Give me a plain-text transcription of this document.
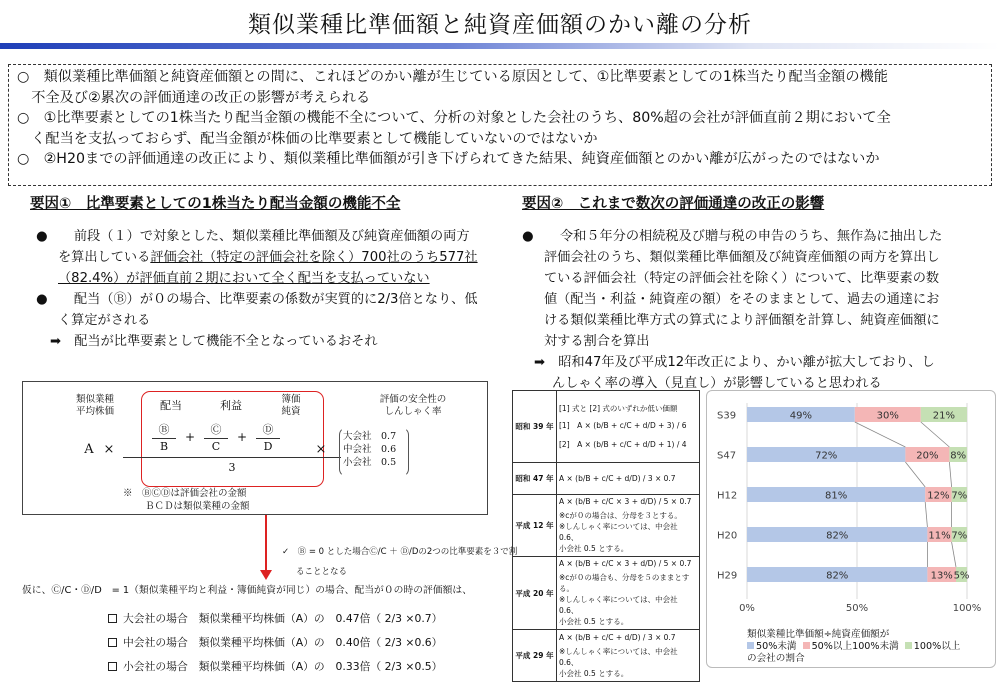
類似業種比準価額と純資産価額のかい離の分析
○　類似業種比準価額と純資産価額との間に、これほどのかい離が生じている原因として、①比準要素としての1株当たり配当金額の機能
　不全及び②累次の評価通達の改正の影響が考えられる
○　①比準要素としての1株当たり配当金額の機能不全について、分析の対象とした会社のうち、80%超の会社が評価直前２期において全
　く配当を支払っておらず、配当金額が株価の比準要素として機能していないのではないか
○　②H20までの評価通達の改正により、類似業種比準価額が引き下げられてきた結果、純資産価額とのかい離が広がったのではないか
要因①　比準要素としての1株当たり配当金額の機能不全
●　　前段（１）で対象とした、類似業種比準価額及び純資産価額の両方
を算出している評価会社（特定の評価会社を除く）700社のうち577社
（82.4%）が評価直前２期において全く配当を支払っていない
●　　配当（Ⓑ）が０の場合、比準要素の係数が実質的に2/3倍となり、低
く算定がされる
➡　配当が比準要素として機能不全となっているおそれ
類似業種
平均株価	配当	利益	簿価
純資
評価の安全性の
しんしゃく率
A ×
Ⓑ
B
+
Ⓒ
C
+
Ⓓ
D
3
×
大会社　0.7
中会社　0.6
小会社　0.5
※　ⒷⒸⒹは評価会社の金額
ＢＣＤは類似業種の金額
✓　Ⓑ = 0 とした場合Ⓒ/C ＋ Ⓓ/Dの2つの比準要素を３で割
ることとなる
仮に、Ⓒ/C・Ⓓ/D　= 1（類似業種平均と利益・簿価純資が同じ）の場合、配当が０の時の評価額は、
大会社の場合　類似業種平均株価（A）の　0.47倍（ 2/3 ×0.7）
中会社の場合　類似業種平均株価（A）の　0.40倍（ 2/3 ×0.6）
小会社の場合　類似業種平均株価（A）の　0.33倍（ 2/3 ×0.5）
要因②　これまで数次の評価通達の改正の影響
●　　令和５年分の相続税及び贈与税の申告のうち、無作為に抽出した
評価会社のうち、類似業種比準価額及び純資産価額の両方を算出し
ている評価会社（特定の評価会社を除く）について、比準要素の数
値（配当・利益・純資産の額）をそのままとして、過去の通達にお
ける類似業種比準方式の算式により評価額を計算し、純資産価額に
対する割合を算出
➡　昭和47年及び平成12年改正により、かい離が拡大しており、し
んしゃく率の導入（見直し）が影響していると思われる
昭和 39 年	[1] 式と [2] 式のいずれか低い価額
[1]　A × (b/B + c/C + d/D + 3) / 6
[2]　A × (b/B + c/C + d/D + 1) / 4

昭和 47 年	A × (b/B + c/C + d/D) / 3 × 0.7

平成 12 年	A × (b/B + c/C × 3 + d/D) / 5 × 0.7
※cが０の場合は、分母を３とする。
※しんしゃく率については、中会社0.6、
小会社 0.5 とする。

平成 20 年	A × (b/B + c/C × 3 + d/D) / 5 × 0.7
※cが０の場合も、分母を５のままとする。
※しんしゃく率については、中会社0.6、
小会社 0.5 とする。

平成 29 年	A × (b/B + c/C + d/D) / 3 × 0.7
※しんしゃく率については、中会社0.6、
小会社 0.5 とする。
S39	49%	30%	21%
S47	72%	20% 8%
H12	81%	12% 7%
H20	82%	11% 7%
H29	82%	13% 5%
0%	50%	100%
類似業種比準価額÷純資産価額が
50%未満 50%以上100%未満 100%以上
の会社の割合
